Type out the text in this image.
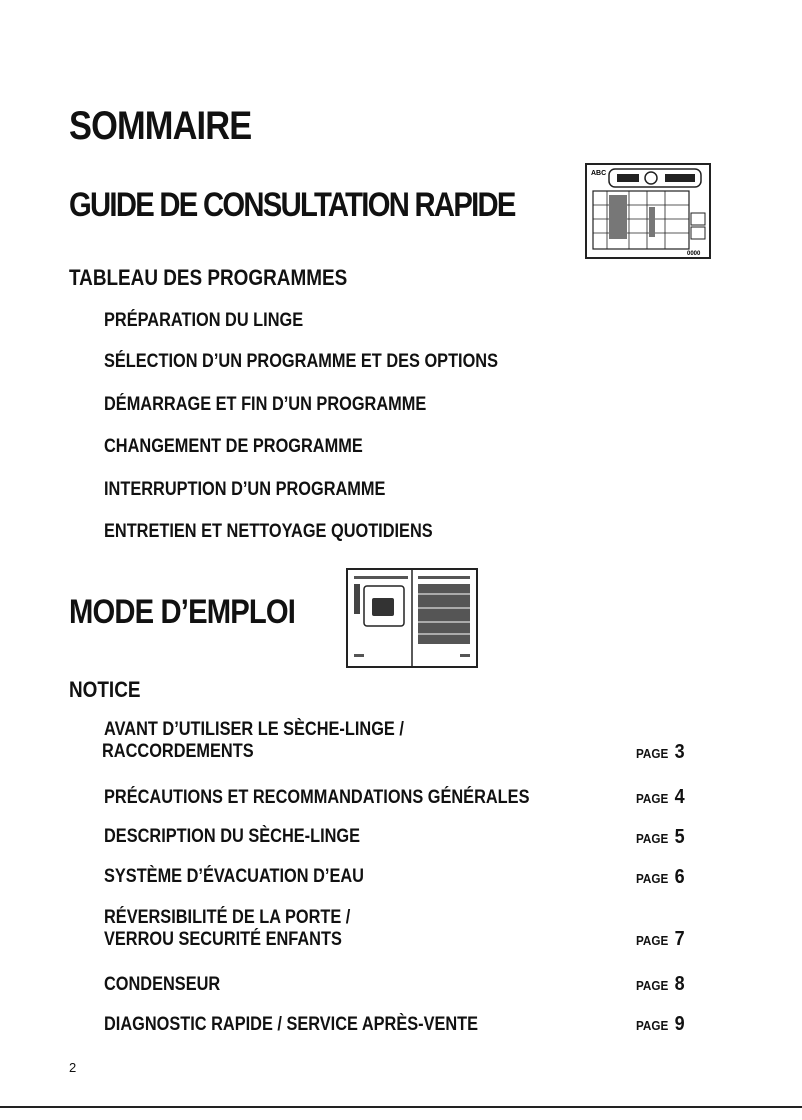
SOMMAIRE
GUIDE DE CONSULTATION RAPIDE
ABC
0000
TABLEAU DES PROGRAMMES
PRÉPARATION DU LINGE
SÉLECTION D’UN PROGRAMME ET DES OPTIONS
DÉMARRAGE ET FIN D’UN PROGRAMME
CHANGEMENT DE PROGRAMME
INTERRUPTION D’UN PROGRAMME
ENTRETIEN ET NETTOYAGE QUOTIDIENS
MODE D’EMPLOI
NOTICE
AVANT D’UTILISER LE SÈCHE-LINGE /
RACCORDEMENTS	PAGE 3
PRÉCAUTIONS ET RECOMMANDATIONS GÉNÉRALES	PAGE 4
DESCRIPTION DU SÈCHE-LINGE	PAGE 5
SYSTÈME D’ÉVACUATION D’EAU	PAGE 6
RÉVERSIBILITÉ DE LA PORTE /
VERROU SECURITÉ ENFANTS	PAGE 7
CONDENSEUR	PAGE 8
DIAGNOSTIC RAPIDE / SERVICE APRÈS-VENTE	PAGE 9
2
